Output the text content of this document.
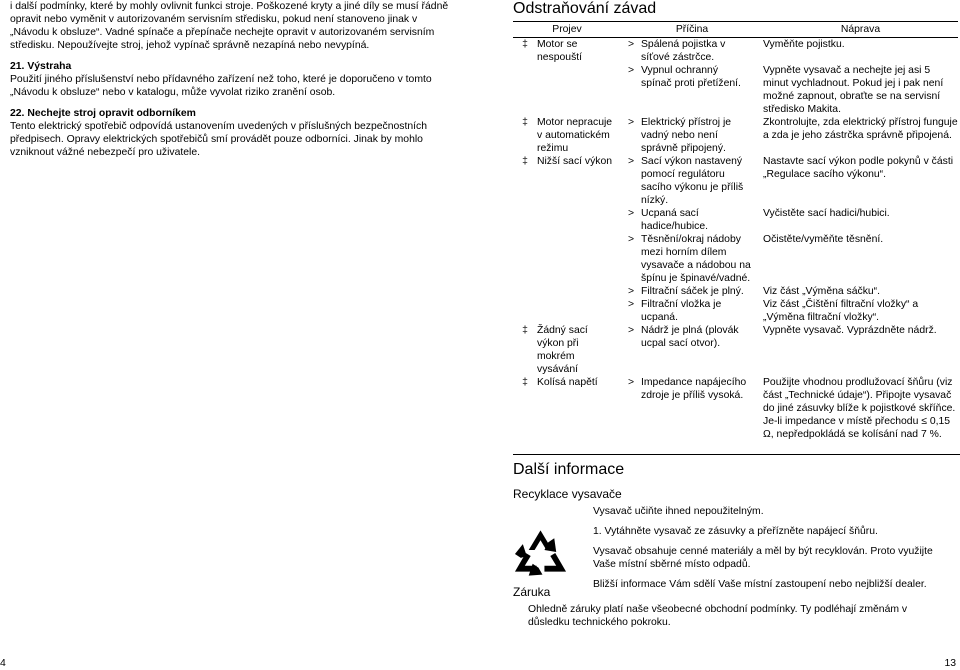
i další podmínky, které by mohly ovlivnit funkci stroje. Poškozené kryty a jiné díly se musí řádně opravit nebo vyměnit v autorizovaném servisním středisku, pokud není stanoveno jinak v „Návodu k obsluze“. Vadné spínače a přepínače nechejte opravit v autorizovaném servisním středisku. Nepoužívejte stroj, jehož vypínač správně nezapíná nebo nevypíná.

21. Výstraha

Použití jiného příslušenství nebo přídavného zařízení než toho, které je doporučeno v tomto „Návodu k obsluze“ nebo v katalogu, může vyvolat riziko zranění osob.

22. Nechejte stroj opravit odborníkem

Tento elektrický spotřebič odpovídá ustanovením uvedených v příslušných bezpečnostních předpisech. Opravy elektrických spotřebičů smí provádět pouze odborníci. Jinak by mohlo vzniknout vážné nebezpečí pro uživatele.

Odstraňování závad
Projev		Příčina		Náprava
‡	Motor se nespouští	>	Spálená pojistka v síťové zástrčce.	Vyměňte pojistku.
		>	Vypnul ochranný spínač proti přetížení.	Vypněte vysavač a nechejte jej asi 5 minut vychladnout. Pokud jej i pak není možné zapnout, obraťte se na servisní středisko Makita.
‡	Motor nepracuje v automatickém režimu	>	Elektrický přístroj je vadný nebo není správně připojený.	Zkontrolujte, zda elektrický přístroj funguje a zda je jeho zástrčka správně připojená.
‡	Nižší sací výkon	>	Sací výkon nastavený pomocí regulátoru sacího výkonu je příliš nízký.	Nastavte sací výkon podle pokynů v části „Regulace sacího výkonu“.
		>	Ucpaná sací hadice/hubice.	Vyčistěte sací hadici/hubici.
		>	Těsnění/okraj nádoby mezi horním dílem vysavače a nádobou na špínu je špinavé/vadné.	Očistěte/vyměňte těsnění.
		>	Filtrační sáček je plný.	Viz část „Výměna sáčku“.
		>	Filtrační vložka je ucpaná.	Viz část „Čištění filtrační vložky“ a „Výměna filtrační vložky“.
‡	Žádný sací výkon při mokrém vysávání	>	Nádrž je plná (plovák ucpal sací otvor).	Vypněte vysavač. Vyprázdněte nádrž.
‡	Kolísá napětí	>	Impedance napájecího zdroje je příliš vysoká.	Použijte vhodnou prodlužovací šňůru (viz část „Technické údaje“). Připojte vysavač do jiné zásuvky blíže k pojistkové skříňce. Je-li impedance v místě přechodu ≤ 0,15 Ω, nepředpokládá se kolísání nad 7 %.
Další informace
Recyklace vysavače

Vysavač učiňte ihned nepoužitelným.

1. Vytáhněte vysavač ze zásuvky a přeřízněte napájecí šňůru.

Vysavač obsahuje cenné materiály a měl by být recyklován. Proto využijte Vaše místní sběrné místo odpadů.

Bližší informace Vám sdělí Vaše místní zastoupení nebo nejbližší dealer.

Záruka

Ohledně záruky platí naše všeobecné obchodní podmínky. Ty podléhají změnám v důsledku technického pokroku.

4	13
